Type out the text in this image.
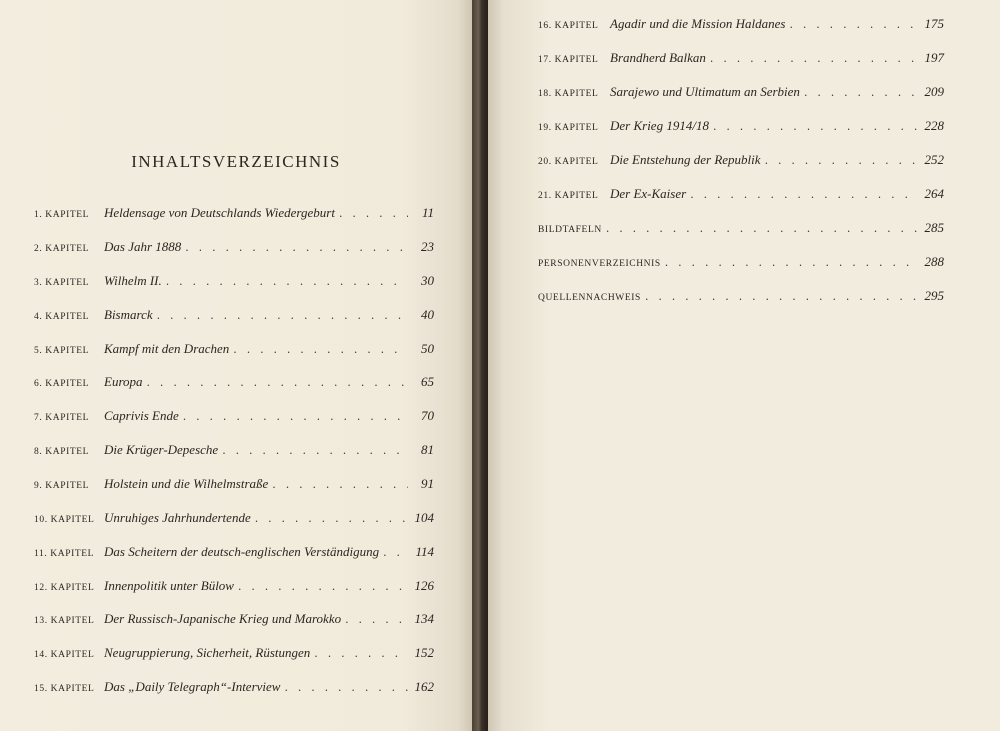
INHALTSVERZEICHNIS
1. KAPITEL	Heldensage von Deutschlands Wiedergeburt . . .	11
2. KAPITEL	Das Jahr 1888 . . .	23
3. KAPITEL	Wilhelm II. . . .	30
4. KAPITEL	Bismarck . . .	40
5. KAPITEL	Kampf mit den Drachen . . .	50
6. KAPITEL	Europa . . .	65
7. KAPITEL	Caprivis Ende . . .	70
8. KAPITEL	Die Krüger-Depesche . . .	81
9. KAPITEL	Holstein und die Wilhelmstraße . . .	91
10. KAPITEL Unruhiges Jahrhundertende . . .	104
11. KAPITEL Das Scheitern der deutsch-englischen Verständigung . . .	114
12. KAPITEL Innenpolitik unter Bülow . . .	126
13. KAPITEL Der Russisch-Japanische Krieg und Marokko . . .	134
14. KAPITEL Neugruppierung, Sicherheit, Rüstungen . . .	152
15. KAPITEL Das „Daily Telegraph“-Interview . . .	162
16. KAPITEL Agadir und die Mission Haldanes . . .	175
17. KAPITEL Brandherd Balkan . . .	197
18. KAPITEL Sarajewo und Ultimatum an Serbien . . .	209
19. KAPITEL Der Krieg 1914/18 . . .	228
20. KAPITEL Die Entstehung der Republik . . .	252
21. KAPITEL Der Ex-Kaiser . . .	264
BILDTAFELN . . .	285
PERSONENVERZEICHNIS . . .	288
QUELLENNACHWEIS . . .	295
